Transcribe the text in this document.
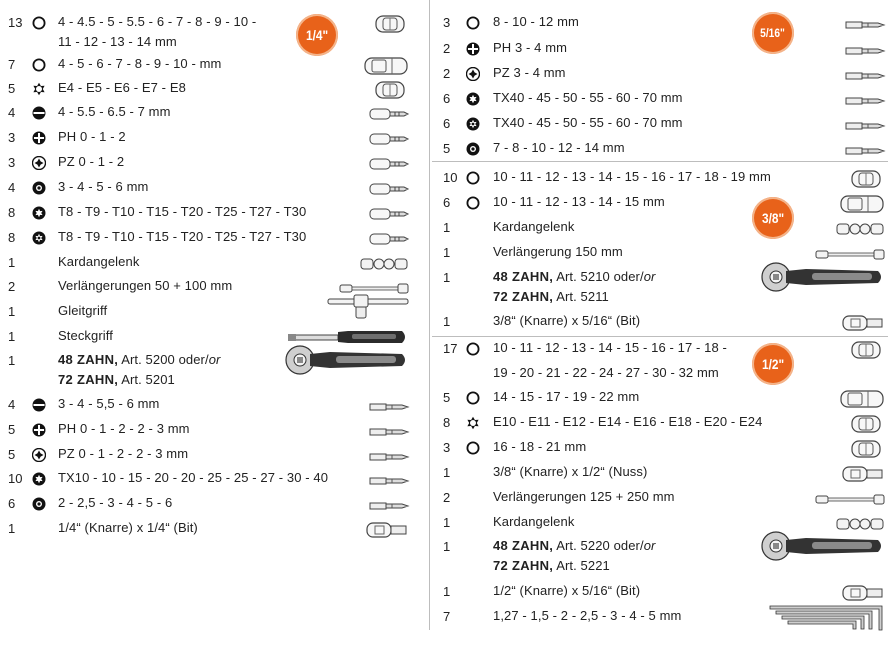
1/4"	5/16"
3/8"
1/2"
13	4 - 4.5 - 5 - 5.5 - 6 - 7 - 8 - 9 - 10 -
11 - 12 - 13 - 14 mm
7	4 - 5 - 6 - 7 - 8 - 9 - 10 - mm
5	E4 - E5 - E6 - E7 - E8
4	4 - 5.5 - 6.5 - 7 mm
3	PH 0 - 1 - 2
3	PZ 0 - 1 - 2
4	3 - 4 - 5 - 6 mm
8	T8 - T9 - T10 - T15 - T20 - T25 - T27 - T30
8	T8 - T9 - T10 - T15 - T20 - T25 - T27 - T30
1	Kardangelenk
2	Verlängerungen 50 + 100 mm
1	Gleitgriff
1	Steckgriff
1	48 ZAHN, Art. 5200 oder/or
72 ZAHN, Art. 5201
4	3 - 4 - 5,5 - 6 mm
5	PH 0 - 1 - 2 - 2 - 3 mm
5	PZ 0 - 1 - 2 - 2 - 3 mm
10	TX10 - 10 - 15 - 20 - 20 - 25 - 25 - 27 - 30 - 40
6	2 - 2,5 - 3 - 4 - 5 - 6
1	1/4“ (Knarre) x 1/4“ (Bit)
3	8 - 10 - 12 mm
2	PH 3 - 4 mm
2	PZ 3 - 4 mm
6	TX40 - 45 - 50 - 55 - 60 - 70 mm
6	TX40 - 45 - 50 - 55 - 60 - 70 mm
5	7 - 8 - 10 - 12 - 14 mm
10	10 - 11 - 12 - 13 - 14 - 15 - 16 - 17 - 18 - 19 mm
6	10 - 11 - 12 - 13 - 14 - 15 mm
1	Kardangelenk
1	Verlängerung 150 mm
1	48 ZAHN, Art. 5210 oder/or
72 ZAHN, Art. 5211
1	3/8“ (Knarre) x 5/16“ (Bit)
17	10 - 11 - 12 - 13 - 14 - 15 - 16 - 17 - 18 -
19 - 20 - 21 - 22 - 24 - 27 - 30 - 32 mm
5	14 - 15 - 17 - 19 - 22 mm
8	E10 - E11 - E12 - E14 - E16 - E18 - E20 - E24
3	16 - 18 - 21 mm
1	3/8“ (Knarre) x 1/2“ (Nuss)
2	Verlängerungen 125 + 250 mm
1	Kardangelenk
1	48 ZAHN, Art. 5220 oder/or
72 ZAHN, Art. 5221
1	1/2“ (Knarre) x 5/16“ (Bit)
7	1,27 - 1,5 - 2 - 2,5 - 3 - 4 - 5 mm
